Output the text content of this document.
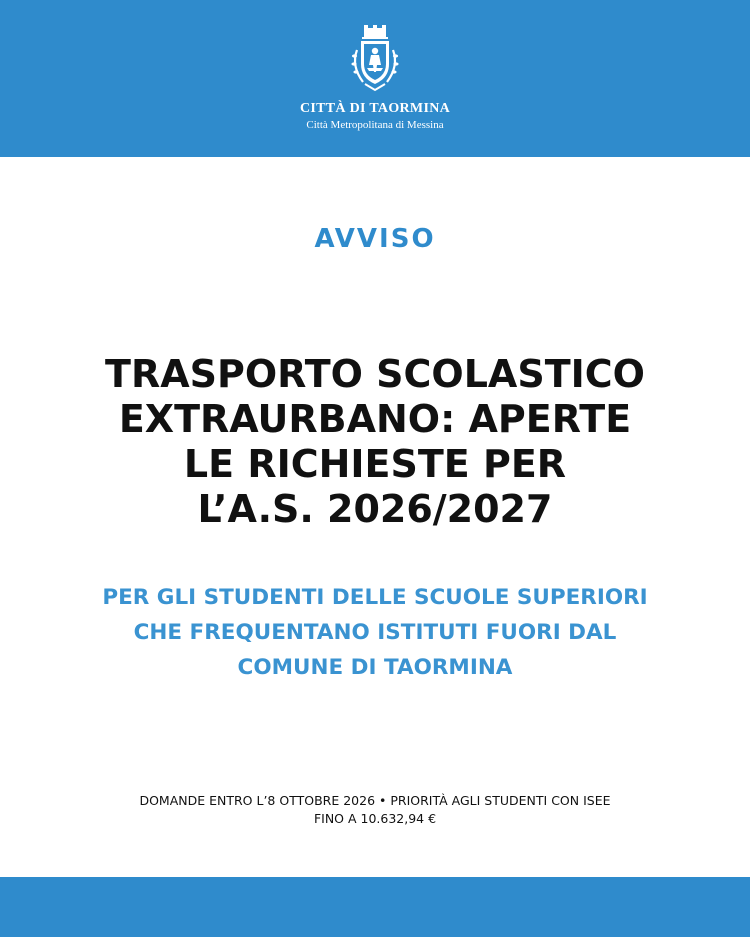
CITTÀ DI TAORMINA
Città Metropolitana di Messina
AVVISO
TRASPORTO SCOLASTICO
EXTRAURBANO: APERTE
LE RICHIESTE PER
L’A.S. 2026/2027
PER GLI STUDENTI DELLE SCUOLE SUPERIORI
CHE FREQUENTANO ISTITUTI FUORI DAL
COMUNE DI TAORMINA
DOMANDE ENTRO L’8 OTTOBRE 2026 • PRIORITÀ AGLI STUDENTI CON ISEE
FINO A 10.632,94 €
